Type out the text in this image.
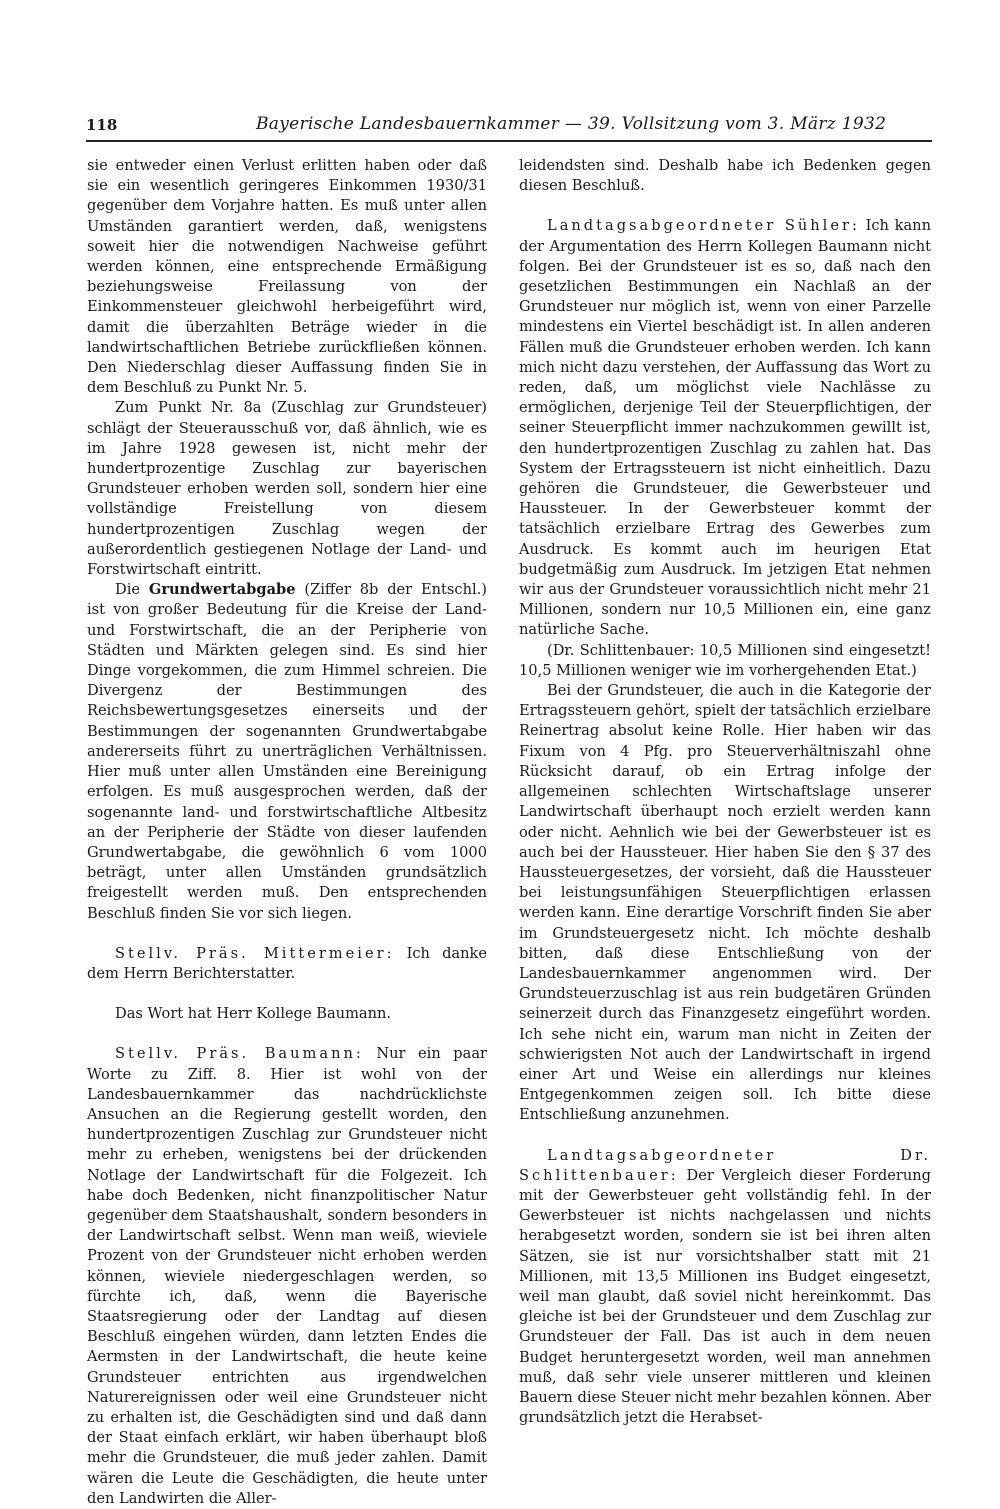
118	Bayerische Landesbauernkammer — 39. Vollsitzung vom 3. März 1932

sie entweder einen Verlust erlitten haben oder daß sie ein wesentlich geringeres Einkommen 1930/31 gegenüber dem Vorjahre hatten. Es muß unter allen Umständen garantiert werden, daß, wenigstens soweit hier die notwendigen Nachweise geführt werden können, eine entsprechende Ermäßigung beziehungsweise Freilassung von der Einkommensteuer gleichwohl herbeigeführt wird, damit die überzahlten Beträge wieder in die landwirtschaftlichen Betriebe zurückfließen können. Den Niederschlag dieser Auffassung finden Sie in dem Beschluß zu Punkt Nr. 5.

Zum Punkt Nr. 8a (Zuschlag zur Grundsteuer) schlägt der Steuerausschuß vor, daß ähnlich, wie es im Jahre 1928 gewesen ist, nicht mehr der hundertprozentige Zuschlag zur bayerischen Grundsteuer erhoben werden soll, sondern hier eine vollständige Freistellung von diesem hundertprozentigen Zuschlag wegen der außerordentlich gestiegenen Notlage der Land- und Forstwirtschaft eintritt.

Die Grundwertabgabe (Ziffer 8b der Entschl.) ist von großer Bedeutung für die Kreise der Land- und Forstwirtschaft, die an der Peripherie von Städten und Märkten gelegen sind. Es sind hier Dinge vorgekommen, die zum Himmel schreien. Die Divergenz der Bestimmungen des Reichsbewertungsgesetzes einerseits und der Bestimmungen der sogenannten Grundwertabgabe andererseits führt zu unerträglichen Verhältnissen. Hier muß unter allen Umständen eine Bereinigung erfolgen. Es muß ausgesprochen werden, daß der sogenannte land- und forstwirtschaftliche Altbesitz an der Peripherie der Städte von dieser laufenden Grundwertabgabe, die gewöhnlich 6 vom 1000 beträgt, unter allen Umständen grundsätzlich freigestellt werden muß. Den entsprechenden Beschluß finden Sie vor sich liegen.

Stellv. Präs. Mittermeier: Ich danke dem Herrn Berichterstatter.

Das Wort hat Herr Kollege Baumann.

Stellv. Präs. Baumann: Nur ein paar Worte zu Ziff. 8. Hier ist wohl von der Landesbauernkammer das nachdrücklichste Ansuchen an die Regierung gestellt worden, den hundertprozentigen Zuschlag zur Grundsteuer nicht mehr zu erheben, wenigstens bei der drückenden Notlage der Landwirtschaft für die Folgezeit. Ich habe doch Bedenken, nicht finanzpolitischer Natur gegenüber dem Staatshaushalt, sondern besonders in der Landwirtschaft selbst. Wenn man weiß, wieviele Prozent von der Grundsteuer nicht erhoben werden können, wieviele niedergeschlagen werden, so fürchte ich, daß, wenn die Bayerische Staatsregierung oder der Landtag auf diesen Beschluß eingehen würden, dann letzten Endes die Aermsten in der Landwirtschaft, die heute keine Grundsteuer entrichten aus irgendwelchen Naturereignissen oder weil eine Grundsteuer nicht zu erhalten ist, die Geschädigten sind und daß dann der Staat einfach erklärt, wir haben überhaupt bloß mehr die Grundsteuer, die muß jeder zahlen. Damit wären die Leute die Geschädigten, die heute unter den Landwirten die Aller-

leidendsten sind. Deshalb habe ich Bedenken gegen diesen Beschluß.

Landtagsabgeordneter Sühler: Ich kann der Argumentation des Herrn Kollegen Baumann nicht folgen. Bei der Grundsteuer ist es so, daß nach den gesetzlichen Bestimmungen ein Nachlaß an der Grundsteuer nur möglich ist, wenn von einer Parzelle mindestens ein Viertel beschädigt ist. In allen anderen Fällen muß die Grundsteuer erhoben werden. Ich kann mich nicht dazu verstehen, der Auffassung das Wort zu reden, daß, um möglichst viele Nachlässe zu ermöglichen, derjenige Teil der Steuerpflichtigen, der seiner Steuerpflicht immer nachzukommen gewillt ist, den hundertprozentigen Zuschlag zu zahlen hat. Das System der Ertragssteuern ist nicht einheitlich. Dazu gehören die Grundsteuer, die Gewerbsteuer und Haussteuer. In der Gewerbsteuer kommt der tatsächlich erzielbare Ertrag des Gewerbes zum Ausdruck. Es kommt auch im heurigen Etat budgetmäßig zum Ausdruck. Im jetzigen Etat nehmen wir aus der Grundsteuer voraussichtlich nicht mehr 21 Millionen, sondern nur 10,5 Millionen ein, eine ganz natürliche Sache.

(Dr. Schlittenbauer: 10,5 Millionen sind eingesetzt! 10,5 Millionen weniger wie im vorhergehenden Etat.)

Bei der Grundsteuer, die auch in die Kategorie der Ertragssteuern gehört, spielt der tatsächlich erzielbare Reinertrag absolut keine Rolle. Hier haben wir das Fixum von 4 Pfg. pro Steuerverhältniszahl ohne Rücksicht darauf, ob ein Ertrag infolge der allgemeinen schlechten Wirtschaftslage unserer Landwirtschaft überhaupt noch erzielt werden kann oder nicht. Aehnlich wie bei der Gewerbsteuer ist es auch bei der Haussteuer. Hier haben Sie den § 37 des Haussteuergesetzes, der vorsieht, daß die Haussteuer bei leistungsunfähigen Steuerpflichtigen erlassen werden kann. Eine derartige Vorschrift finden Sie aber im Grundsteuergesetz nicht. Ich möchte deshalb bitten, daß diese Entschließung von der Landesbauernkammer angenommen wird. Der Grundsteuerzuschlag ist aus rein budgetären Gründen seinerzeit durch das Finanzgesetz eingeführt worden. Ich sehe nicht ein, warum man nicht in Zeiten der schwierigsten Not auch der Landwirtschaft in irgend einer Art und Weise ein allerdings nur kleines Entgegenkommen zeigen soll. Ich bitte diese Entschließung anzunehmen.

Landtagsabgeordneter Dr. Schlittenbauer: Der Vergleich dieser Forderung mit der Gewerbsteuer geht vollständig fehl. In der Gewerbsteuer ist nichts nachgelassen und nichts herabgesetzt worden, sondern sie ist bei ihren alten Sätzen, sie ist nur vorsichtshalber statt mit 21 Millionen, mit 13,5 Millionen ins Budget eingesetzt, weil man glaubt, daß soviel nicht hereinkommt. Das gleiche ist bei der Grundsteuer und dem Zuschlag zur Grundsteuer der Fall. Das ist auch in dem neuen Budget heruntergesetzt worden, weil man annehmen muß, daß sehr viele unserer mittleren und kleinen Bauern diese Steuer nicht mehr bezahlen können. Aber grundsätzlich jetzt die Herabset-
